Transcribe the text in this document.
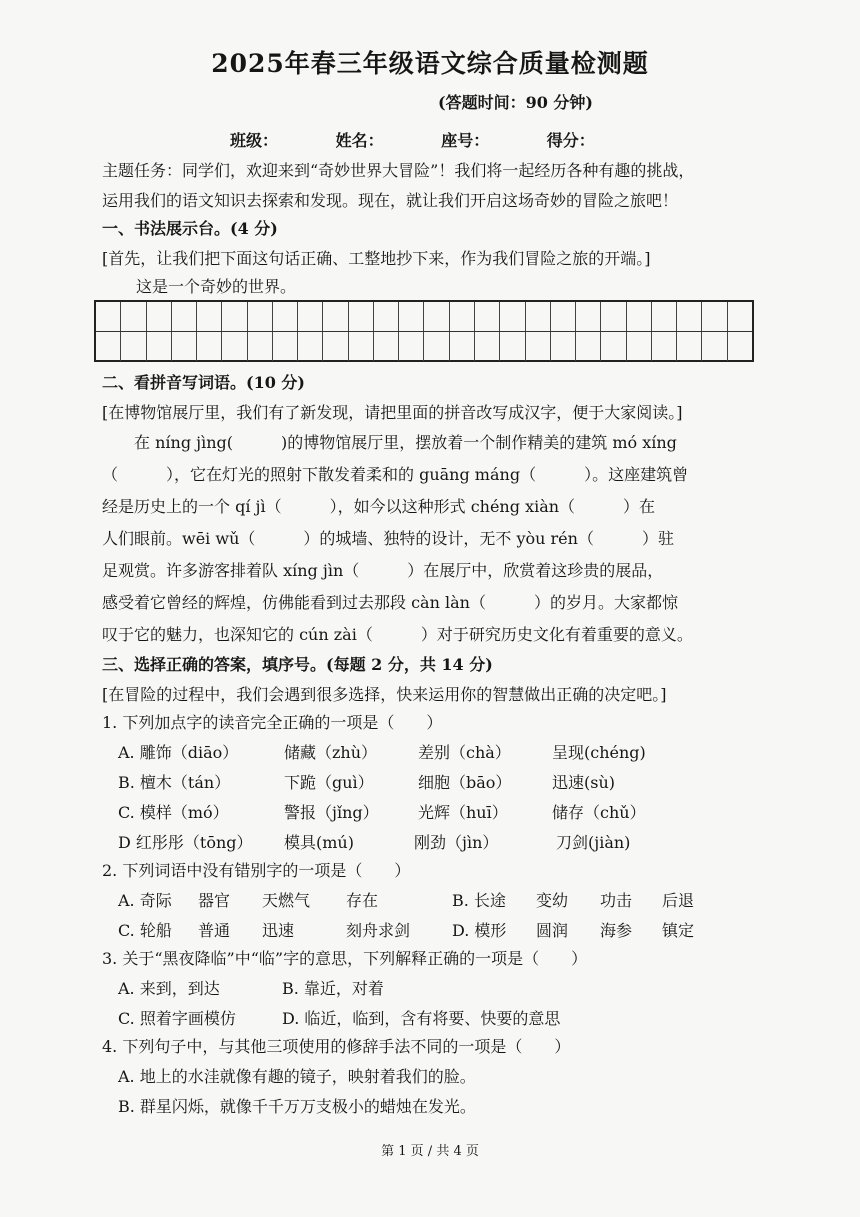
2025年春三年级语文综合质量检测题
(答题时间：90 分钟)
班级：	姓名：	座号：	得分：
主题任务：同学们，欢迎来到“奇妙世界大冒险”！我们将一起经历各种有趣的挑战，
运用我们的语文知识去探索和发现。现在，就让我们开启这场奇妙的冒险之旅吧！
一、书法展示台。(4 分)
[首先，让我们把下面这句话正确、工整地抄下来，作为我们冒险之旅的开端。]
这是一个奇妙的世界。
二、看拼音写词语。(10 分)
[在博物馆展厅里，我们有了新发现，请把里面的拼音改写成汉字，便于大家阅读。]
　　在 níng jìng(　　　)的博物馆展厅里，摆放着一个制作精美的建筑 mó xíng
（　　　），它在灯光的照射下散发着柔和的 guāng máng（　　　）。这座建筑曾
经是历史上的一个 qí jì（　　　），如今以这种形式 chéng xiàn（　　　）在
人们眼前。wēi wǔ（　　　）的城墙、独特的设计，无不 yòu rén（　　　）驻
足观赏。许多游客排着队 xíng jìn（　　　）在展厅中，欣赏着这珍贵的展品，
感受着它曾经的辉煌，仿佛能看到过去那段 càn làn（　　　）的岁月。大家都惊
叹于它的魅力，也深知它的 cún zài（　　　）对于研究历史文化有着重要的意义。
三、选择正确的答案，填序号。(每题 2 分，共 14 分)
[在冒险的过程中，我们会遇到很多选择，快来运用你的智慧做出正确的决定吧。]
1. 下列加点字的读音完全正确的一项是（　　）
A. 雕饰（diāo）	储藏（zhù）	差别（chà）	呈现(chéng)
B. 檀木（tán）	下跪（guì）	细胞（bāo）	迅速(sù)
C. 模样（mó）	警报（jǐng） 光辉（huī）	储存（chǔ）
D 红彤彤（tōng） 模具(mú)	刚劲（jìn）	刀剑(jiàn)
2. 下列词语中没有错别字的一项是（　　）
A. 奇际 器官 天燃气 存在	B. 长途 变幼 功击 后退
C. 轮船 普通 迅速	刻舟求剑	D. 模形 圆润 海参 镇定
3. 关于“黑夜降临”中“临”字的意思，下列解释正确的一项是（　　）
A. 来到，到达	B. 靠近，对着
C. 照着字画模仿	D. 临近，临到，含有将要、快要的意思
4. 下列句子中，与其他三项使用的修辞手法不同的一项是（　　）
A. 地上的水洼就像有趣的镜子，映射着我们的脸。
B. 群星闪烁，就像千千万万支极小的蜡烛在发光。
第 1 页 / 共 4 页
